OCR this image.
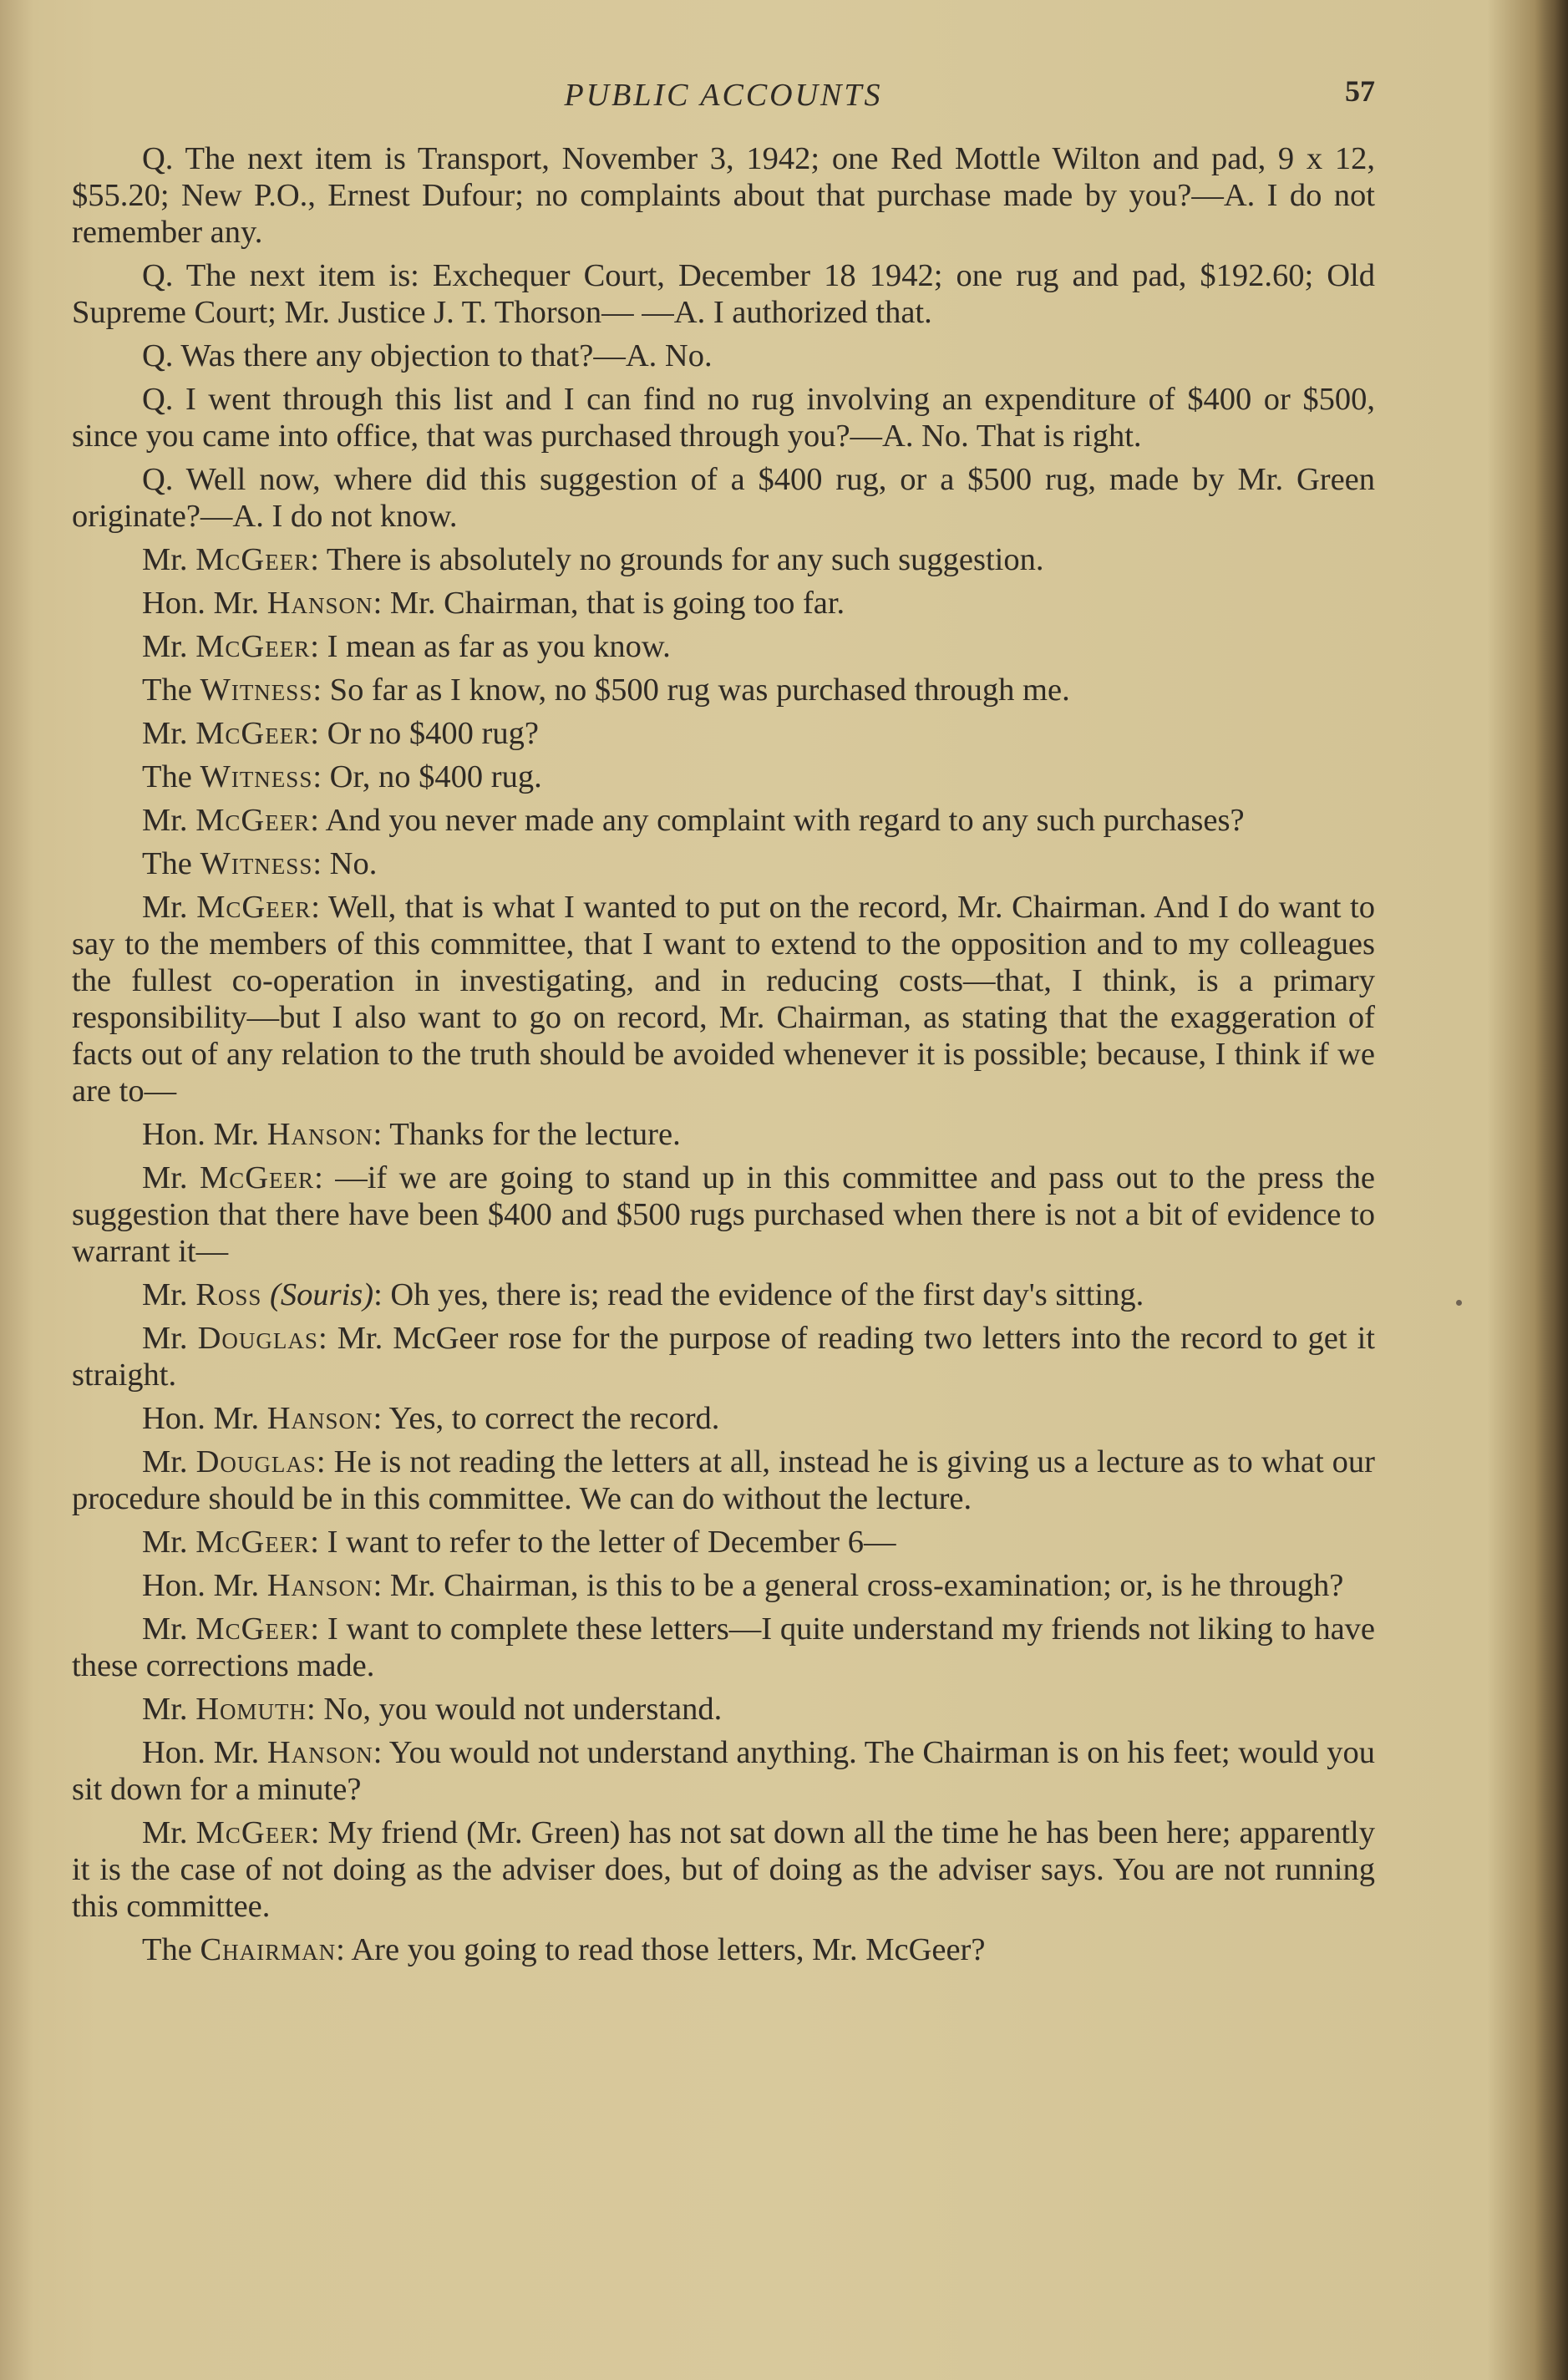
PUBLIC ACCOUNTS	57

Q. The next item is Transport, November 3, 1942; one Red Mottle Wilton and pad, 9 x 12, $55.20; New P.O., Ernest Dufour; no complaints about that purchase made by you?—A. I do not remember any.

Q. The next item is: Exchequer Court, December 18 1942; one rug and pad, $192.60; Old Supreme Court; Mr. Justice J. T. Thorson— —A. I authorized that.

Q. Was there any objection to that?—A. No.

Q. I went through this list and I can find no rug involving an expenditure of $400 or $500, since you came into office, that was purchased through you?—A. No. That is right.

Q. Well now, where did this suggestion of a $400 rug, or a $500 rug, made by Mr. Green originate?—A. I do not know.

Mr. McGeer: There is absolutely no grounds for any such suggestion.

Hon. Mr. Hanson: Mr. Chairman, that is going too far.

Mr. McGeer: I mean as far as you know.

The Witness: So far as I know, no $500 rug was purchased through me.

Mr. McGeer: Or no $400 rug?

The Witness: Or, no $400 rug.

Mr. McGeer: And you never made any complaint with regard to any such purchases?

The Witness: No.

Mr. McGeer: Well, that is what I wanted to put on the record, Mr. Chairman. And I do want to say to the members of this committee, that I want to extend to the opposition and to my colleagues the fullest co-operation in investigating, and in reducing costs—that, I think, is a primary responsibility—but I also want to go on record, Mr. Chairman, as stating that the exaggeration of facts out of any relation to the truth should be avoided whenever it is possible; because, I think if we are to—

Hon. Mr. Hanson: Thanks for the lecture.

Mr. McGeer: —if we are going to stand up in this committee and pass out to the press the suggestion that there have been $400 and $500 rugs purchased when there is not a bit of evidence to warrant it—

Mr. Ross (Souris): Oh yes, there is; read the evidence of the first day's sitting.

Mr. Douglas: Mr. McGeer rose for the purpose of reading two letters into the record to get it straight.

Hon. Mr. Hanson: Yes, to correct the record.

Mr. Douglas: He is not reading the letters at all, instead he is giving us a lecture as to what our procedure should be in this committee. We can do without the lecture.

Mr. McGeer: I want to refer to the letter of December 6—

Hon. Mr. Hanson: Mr. Chairman, is this to be a general cross-examination; or, is he through?

Mr. McGeer: I want to complete these letters—I quite understand my friends not liking to have these corrections made.

Mr. Homuth: No, you would not understand.

Hon. Mr. Hanson: You would not understand anything. The Chairman is on his feet; would you sit down for a minute?

Mr. McGeer: My friend (Mr. Green) has not sat down all the time he has been here; apparently it is the case of not doing as the adviser does, but of doing as the adviser says. You are not running this committee.

The Chairman: Are you going to read those letters, Mr. McGeer?
